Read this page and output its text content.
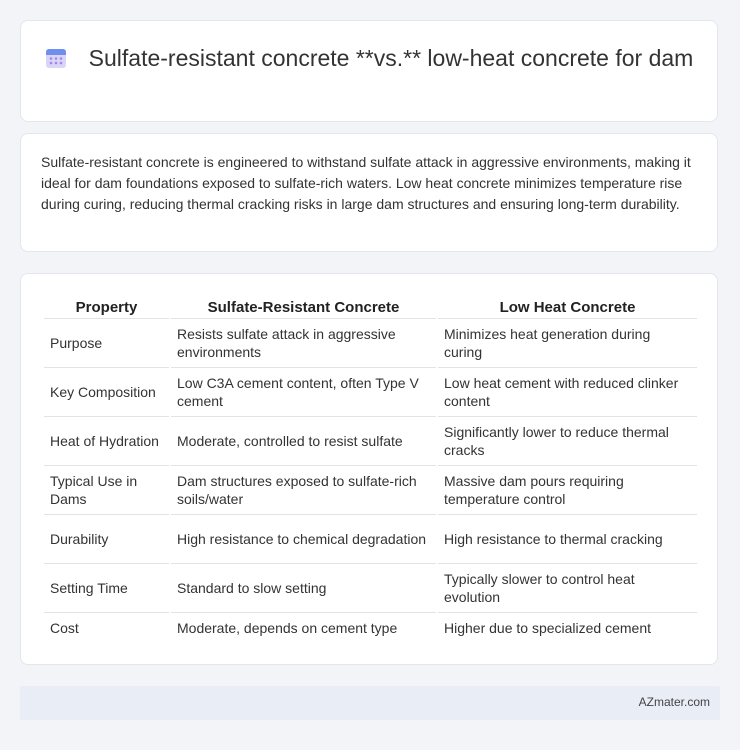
Sulfate-resistant concrete **vs.** low-heat concrete for dam

Sulfate-resistant concrete is engineered to withstand sulfate attack in aggressive environments, making it ideal for dam foundations exposed to sulfate-rich waters. Low heat concrete minimizes temperature rise during curing, reducing thermal cracking risks in large dam structures and ensuring long-term durability.

Property	Sulfate-Resistant Concrete	Low Heat Concrete
Purpose	Resists sulfate attack in aggressive environments	Minimizes heat generation during curing
Key Composition	Low C3A cement content, often Type V cement	Low heat cement with reduced clinker content
Heat of Hydration	Moderate, controlled to resist sulfate	Significantly lower to reduce thermal cracks
Typical Use in Dams	Dam structures exposed to sulfate-rich soils/water	Massive dam pours requiring temperature control
Durability	High resistance to chemical degradation	High resistance to thermal cracking
Setting Time	Standard to slow setting	Typically slower to control heat evolution
Cost	Moderate, depends on cement type	Higher due to specialized cement
AZmater.com
